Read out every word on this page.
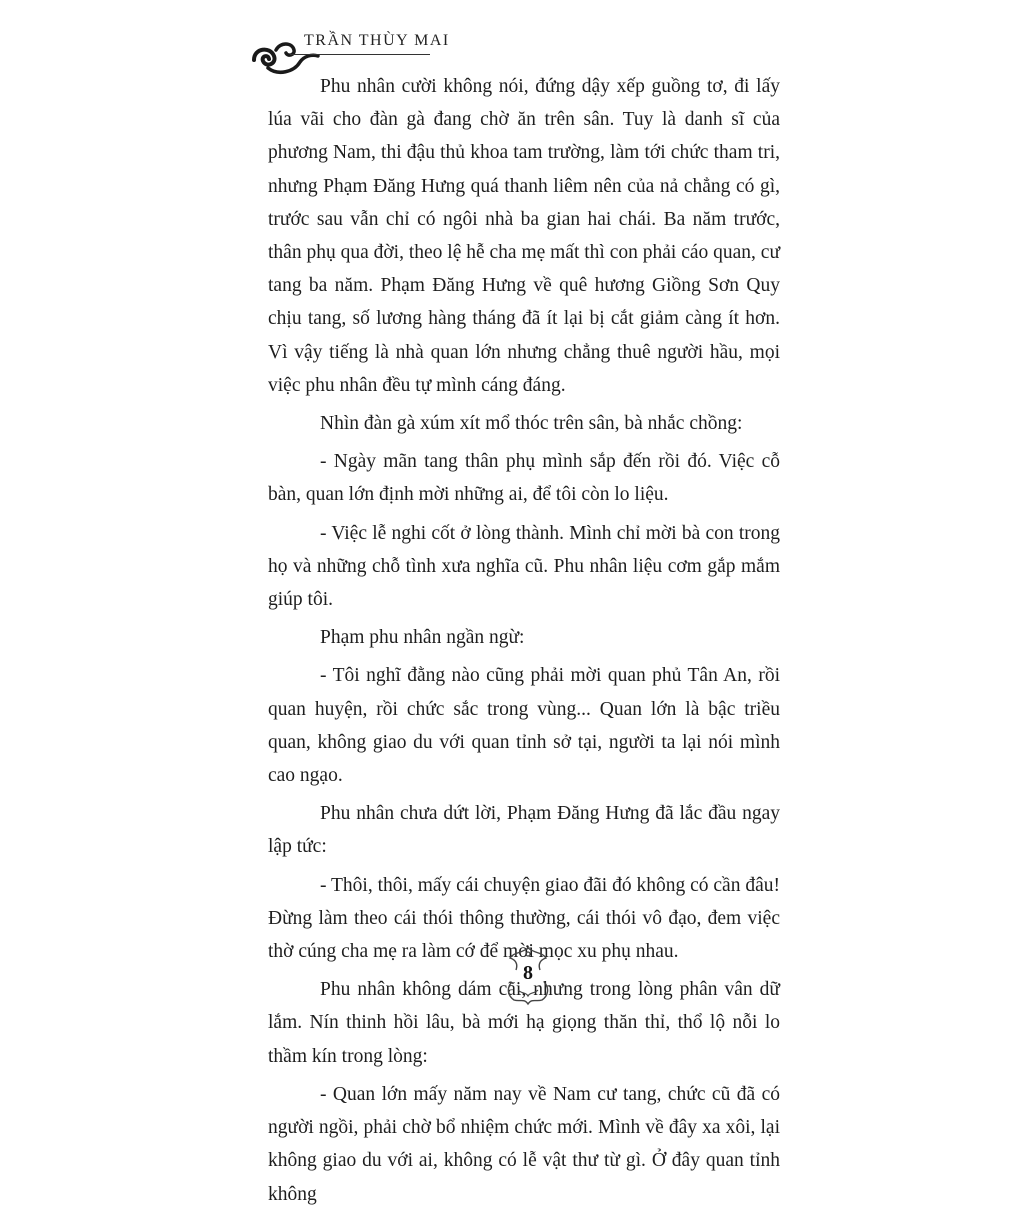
TRẦN THÙY MAI

Phu nhân cười không nói, đứng dậy xếp guồng tơ, đi lấy lúa vãi cho đàn gà đang chờ ăn trên sân. Tuy là danh sĩ của phương Nam, thi đậu thủ khoa tam trường, làm tới chức tham tri, nhưng Phạm Đăng Hưng quá thanh liêm nên của nả chẳng có gì, trước sau vẫn chỉ có ngôi nhà ba gian hai chái. Ba năm trước, thân phụ qua đời, theo lệ hễ cha mẹ mất thì con phải cáo quan, cư tang ba năm. Phạm Đăng Hưng về quê hương Giồng Sơn Quy chịu tang, số lương hàng tháng đã ít lại bị cắt giảm càng ít hơn. Vì vậy tiếng là nhà quan lớn nhưng chẳng thuê người hầu, mọi việc phu nhân đều tự mình cáng đáng.

Nhìn đàn gà xúm xít mổ thóc trên sân, bà nhắc chồng:

- Ngày mãn tang thân phụ mình sắp đến rồi đó. Việc cỗ bàn, quan lớn định mời những ai, để tôi còn lo liệu.

- Việc lễ nghi cốt ở lòng thành. Mình chỉ mời bà con trong họ và những chỗ tình xưa nghĩa cũ. Phu nhân liệu cơm gắp mắm giúp tôi.

Phạm phu nhân ngần ngừ:

- Tôi nghĩ đằng nào cũng phải mời quan phủ Tân An, rồi quan huyện, rồi chức sắc trong vùng... Quan lớn là bậc triều quan, không giao du với quan tỉnh sở tại, người ta lại nói mình cao ngạo.

Phu nhân chưa dứt lời, Phạm Đăng Hưng đã lắc đầu ngay lập tức:

- Thôi, thôi, mấy cái chuyện giao đãi đó không có cần đâu! Đừng làm theo cái thói thông thường, cái thói vô đạo, đem việc thờ cúng cha mẹ ra làm cớ để mời mọc xu phụ nhau.

Phu nhân không dám cãi, nhưng trong lòng phân vân dữ lắm. Nín thinh hồi lâu, bà mới hạ giọng thăn thỉ, thổ lộ nỗi lo thầm kín trong lòng:

- Quan lớn mấy năm nay về Nam cư tang, chức cũ đã có người ngồi, phải chờ bổ nhiệm chức mới. Mình về đây xa xôi, lại không giao du với ai, không có lễ vật thư từ gì. Ở đây quan tỉnh không

8
